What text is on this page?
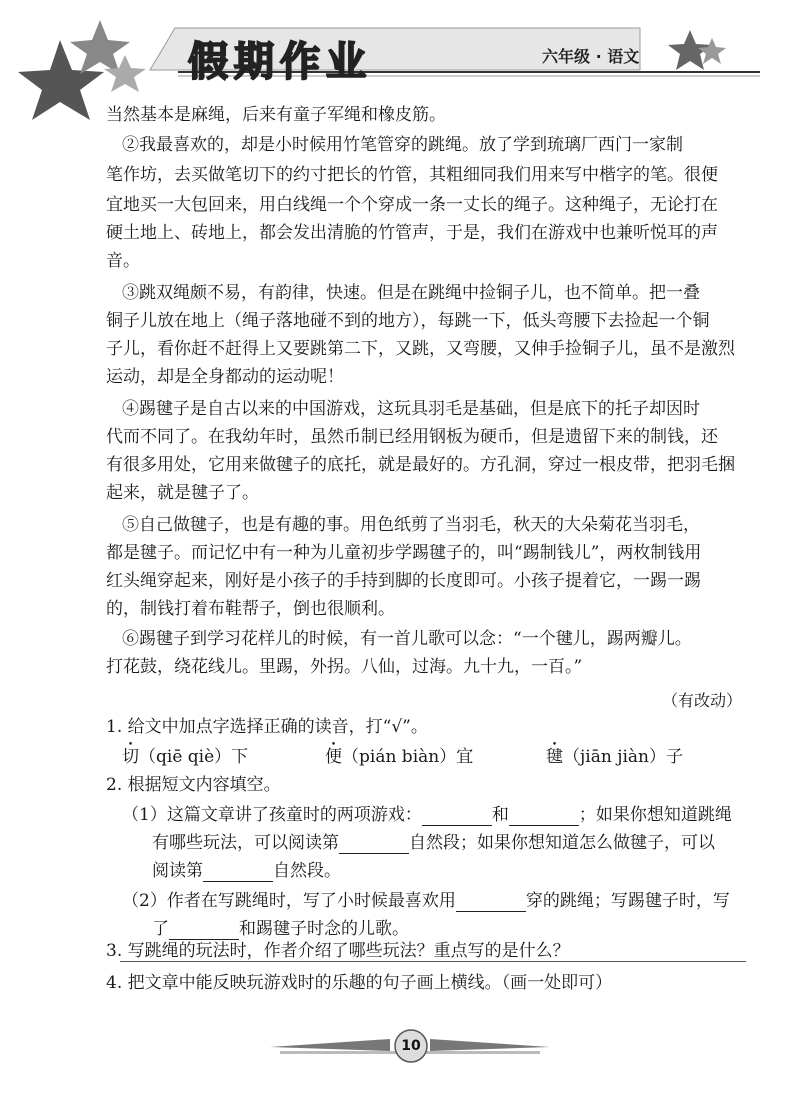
假期作业	六年级 · 语文
当然基本是麻绳，后来有童子军绳和橡皮筋。
②我最喜欢的，却是小时候用竹笔管穿的跳绳。放了学到琉璃厂西门一家制
笔作坊，去买做笔切下的约寸把长的竹管，其粗细同我们用来写中楷字的笔。很便
宜地买一大包回来，用白线绳一个个穿成一条一丈长的绳子。这种绳子，无论打在
硬土地上、砖地上，都会发出清脆的竹管声，于是，我们在游戏中也兼听悦耳的声
音。
③跳双绳颇不易，有韵律，快速。但是在跳绳中捡铜子儿，也不简单。把一叠
铜子儿放在地上（绳子落地碰不到的地方），每跳一下，低头弯腰下去捡起一个铜
子儿，看你赶不赶得上又要跳第二下，又跳，又弯腰，又伸手捡铜子儿，虽不是激烈
运动，却是全身都动的运动呢！
④踢毽子是自古以来的中国游戏，这玩具羽毛是基础，但是底下的托子却因时
代而不同了。在我幼年时，虽然币制已经用钢板为硬币，但是遗留下来的制钱，还
有很多用处，它用来做毽子的底托，就是最好的。方孔洞，穿过一根皮带，把羽毛捆
起来，就是毽子了。
⑤自己做毽子，也是有趣的事。用色纸剪了当羽毛，秋天的大朵菊花当羽毛，
都是毽子。而记忆中有一种为儿童初步学踢毽子的，叫“踢制钱儿”，两枚制钱用
红头绳穿起来，刚好是小孩子的手持到脚的长度即可。小孩子提着它，一踢一踢
的，制钱打着布鞋帮子，倒也很顺利。
⑥踢毽子到学习花样儿的时候，有一首儿歌可以念：“一个毽儿，踢两瓣儿。
打花鼓，绕花线儿。里踢，外拐。八仙，过海。九十九，一百。”
（有改动）
1. 给文中加点字选择正确的读音，打“√”。
切（qiē qiè）下	便（pián biàn）宜	毽（jiān jiàn）子
2. 根据短文内容填空。
（1）这篇文章讲了孩童时的两项游戏：	和	；如果你想知道跳绳
有哪些玩法，可以阅读第	自然段；如果你想知道怎么做毽子，可以
阅读第	自然段。
（2）作者在写跳绳时，写了小时候最喜欢用	穿的跳绳；写踢毽子时，写
了	和踢毽子时念的儿歌。
3. 写跳绳的玩法时，作者介绍了哪些玩法？重点写的是什么？
4. 把文章中能反映玩游戏时的乐趣的句子画上横线。（画一处即可）
10
